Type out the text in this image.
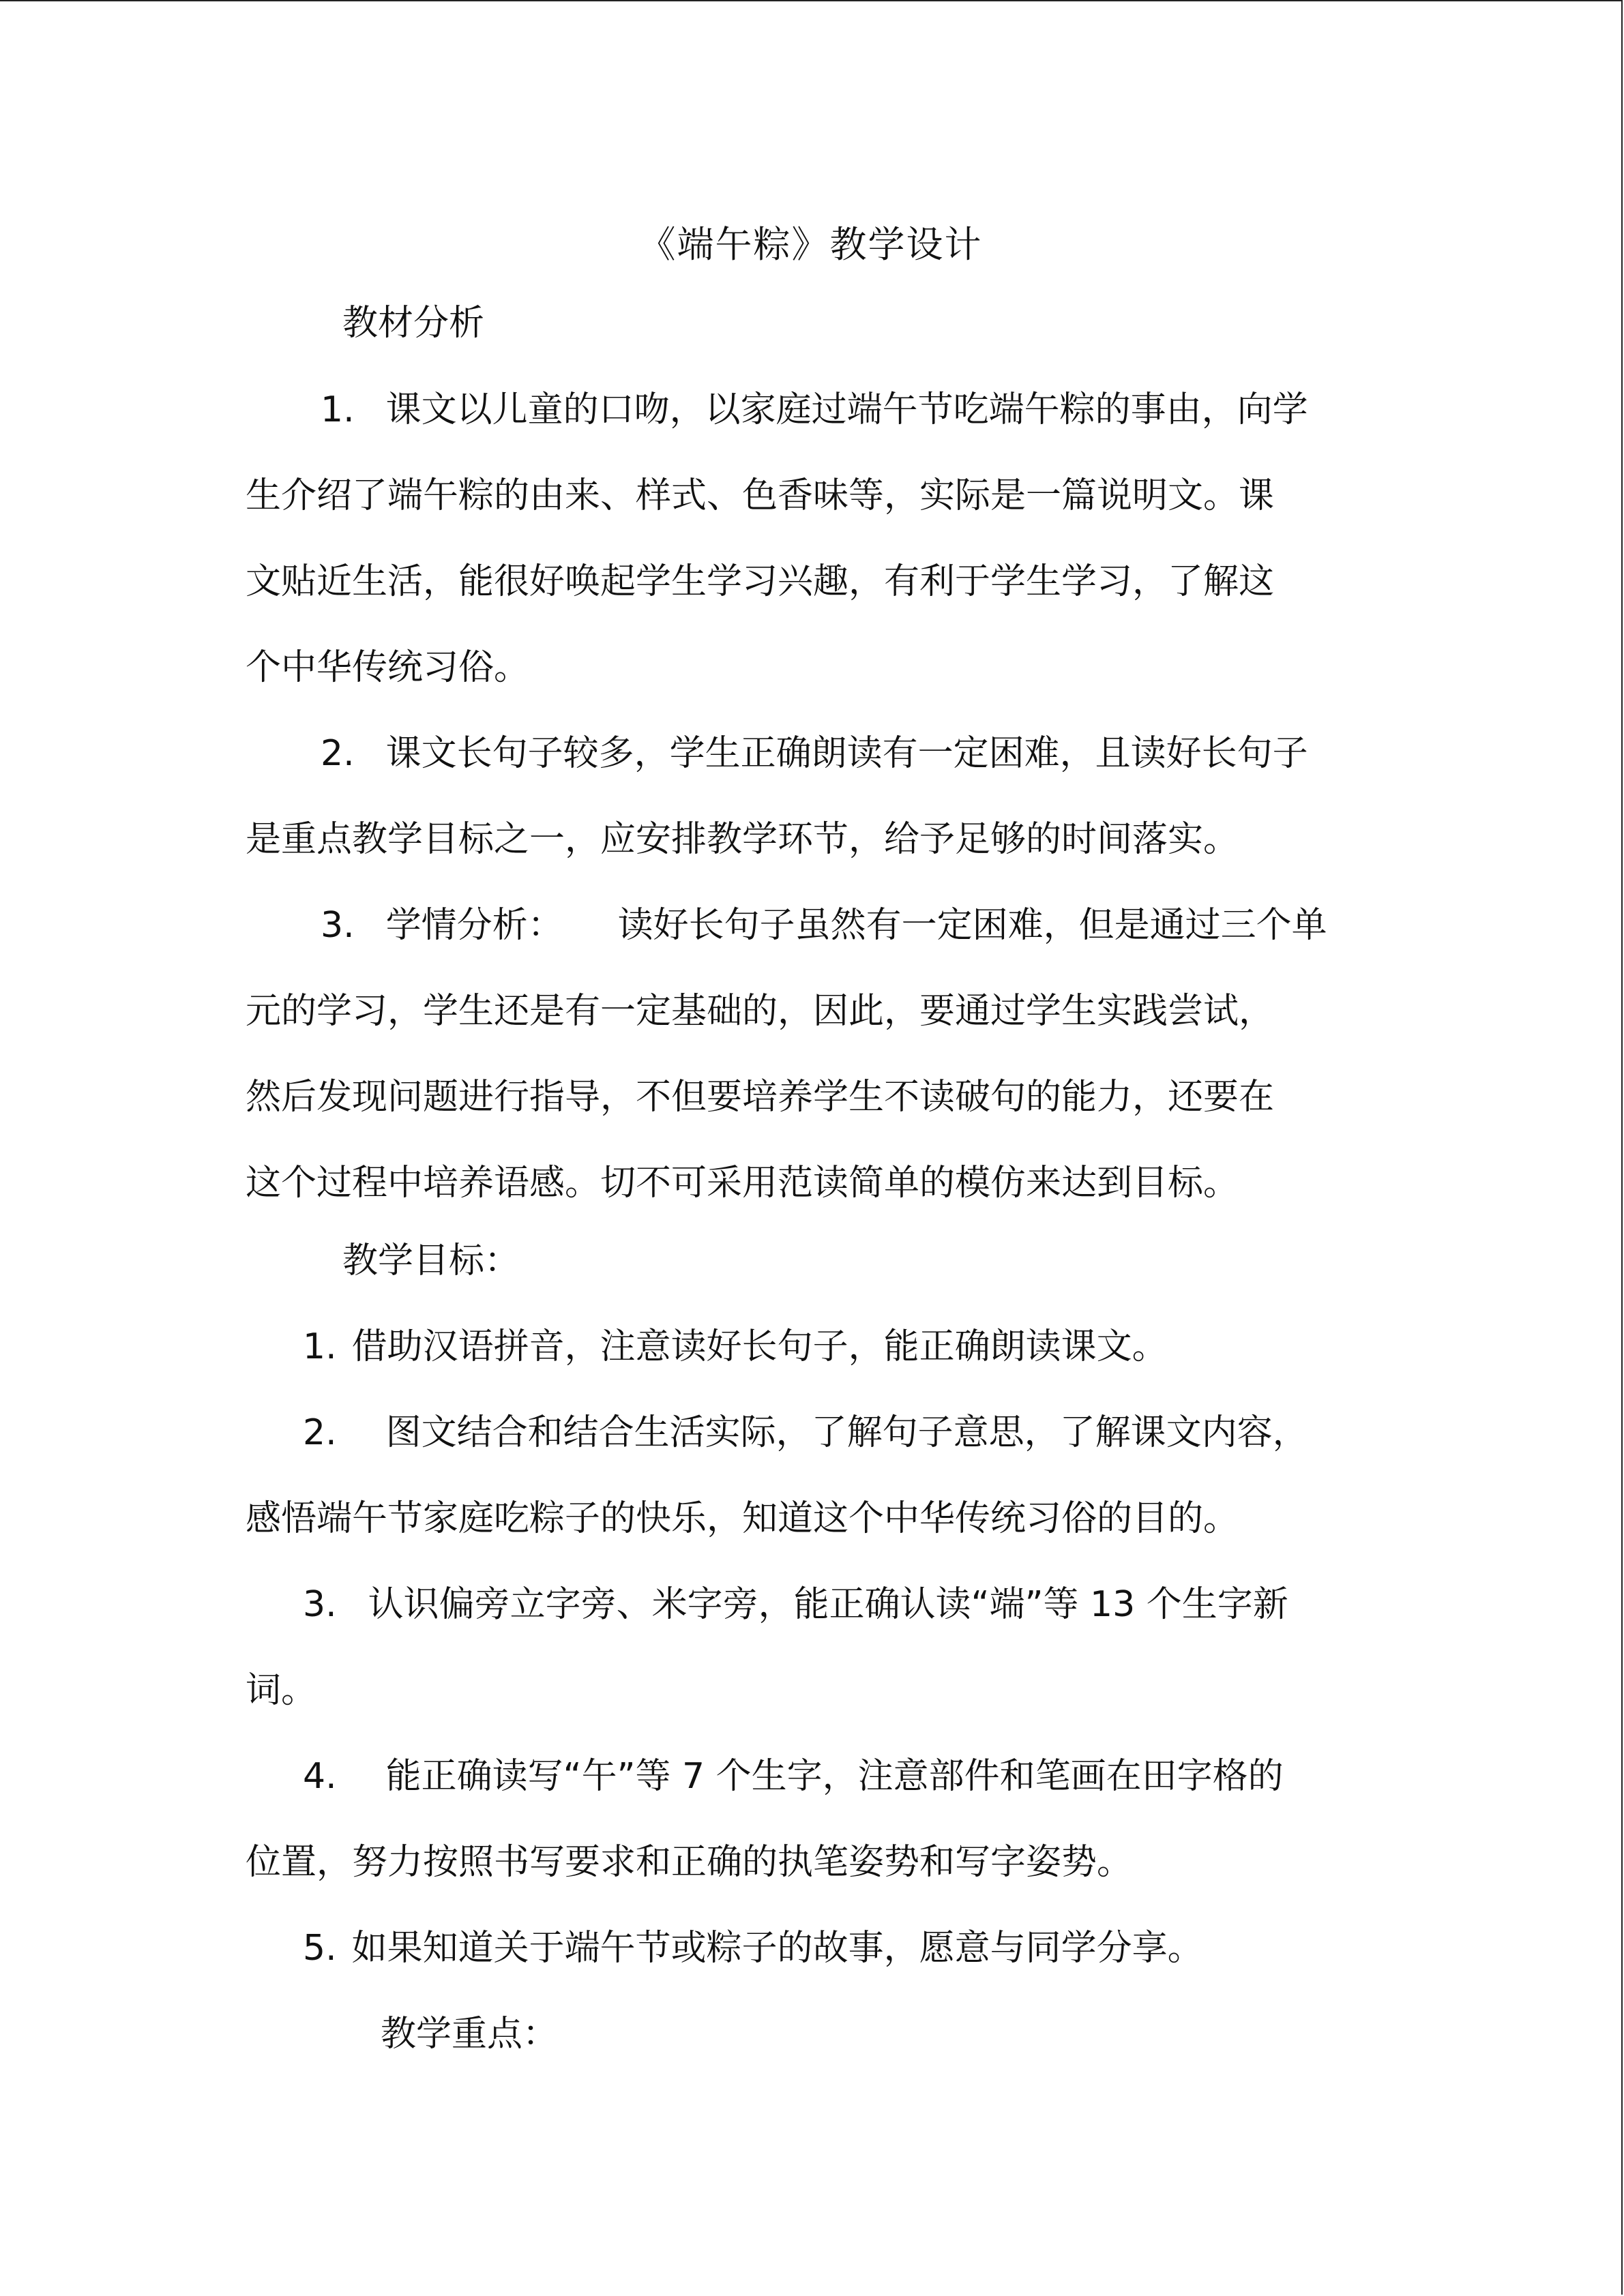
《端午粽》教学设计
教材分析
1. 课文以儿童的口吻，以家庭过端午节吃端午粽的事由，向学
生介绍了端午粽的由来、样式、色香味等，实际是一篇说明文。课
文贴近生活，能很好唤起学生学习兴趣，有利于学生学习，了解这
个中华传统习俗。
2. 课文长句子较多，学生正确朗读有一定困难，且读好长句子
是重点教学目标之一，应安排教学环节，给予足够的时间落实。
3. 学情分析： 读好长句子虽然有一定困难，但是通过三个单
元的学习，学生还是有一定基础的，因此，要通过学生实践尝试，
然后发现问题进行指导，不但要培养学生不读破句的能力，还要在
这个过程中培养语感。切不可采用范读简单的模仿来达到目标。
教学目标：
1. 借助汉语拼音，注意读好长句子，能正确朗读课文。
2. 图文结合和结合生活实际，了解句子意思，了解课文内容，
感悟端午节家庭吃粽子的快乐，知道这个中华传统习俗的目的。
3. 认识偏旁立字旁、米字旁，能正确认读“端”等 13 个生字新
词。
4. 能正确读写“午”等 7 个生字，注意部件和笔画在田字格的
位置，努力按照书写要求和正确的执笔姿势和写字姿势。
5. 如果知道关于端午节或粽子的故事，愿意与同学分享。
教学重点：
